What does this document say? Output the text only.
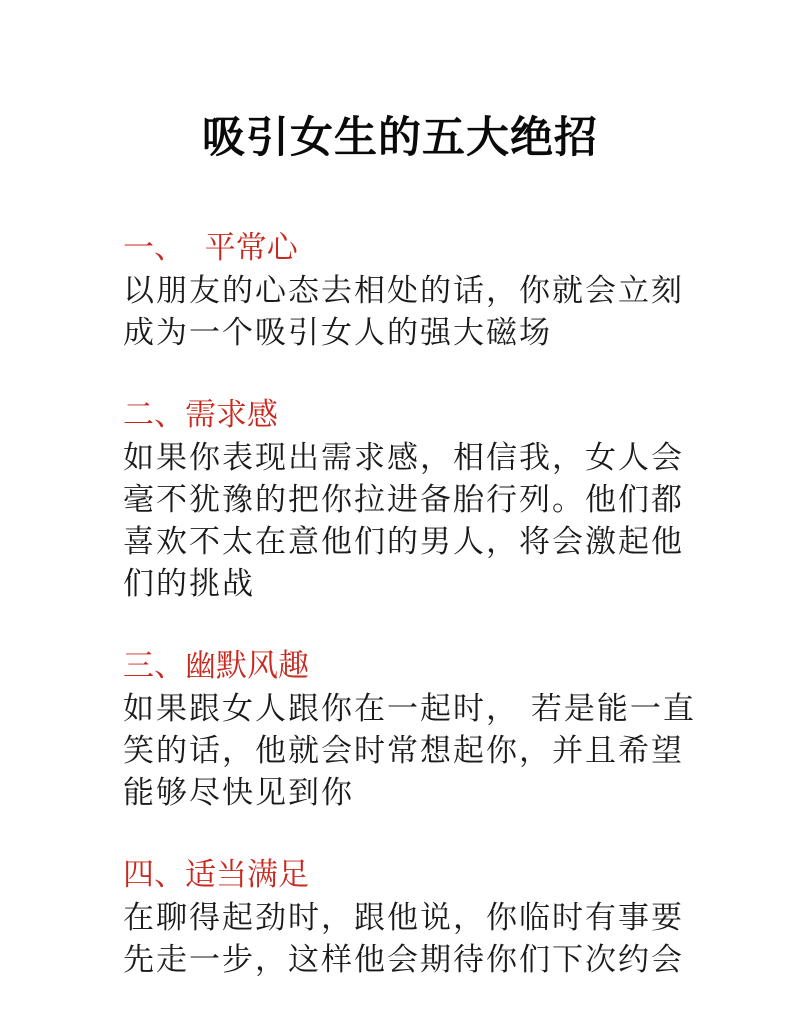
吸引女生的五大绝招
一、  平常心
以朋友的心态去相处的话，你就会立刻
成为一个吸引女人的强大磁场
二、需求感
如果你表现出需求感，相信我，女人会
毫不犹豫的把你拉进备胎行列。他们都
喜欢不太在意他们的男人，将会激起他
们的挑战
三、幽默风趣
如果跟女人跟你在一起时， 若是能一直
笑的话，他就会时常想起你，并且希望
能够尽快见到你
四、适当满足
在聊得起劲时，跟他说，你临时有事要
先走一步，这样他会期待你们下次约会
